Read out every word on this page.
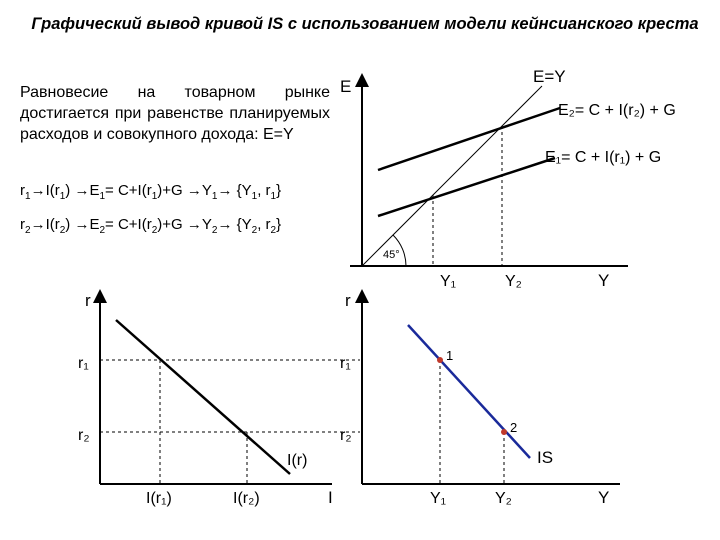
Графический вывод кривой IS с использованием модели кейнсианского креста
Равновесие на товарном рынке достигается при равенстве планируемых расходов и совокупного дохода: E=Y
$r_1\to I(r_1) \to E_1= C+I(r_1)+G \to Y_1\to \{Y_1$, $r_1$}
$r_2\to I(r_2) \to E_2= C+I(r_2)+G \to Y_2\to \{Y_2$, $r_2$}
E
E=Y
E₂= C + I(r₂) + G
E₁= C + I(r₁) + G
45°
Y₁	Y₂	Y
r
r₁
r₂
I(r)
I(r₁)	I(r₂)	I
r
r₁
r₂
1
2
IS
Y₁	Y₂	Y
